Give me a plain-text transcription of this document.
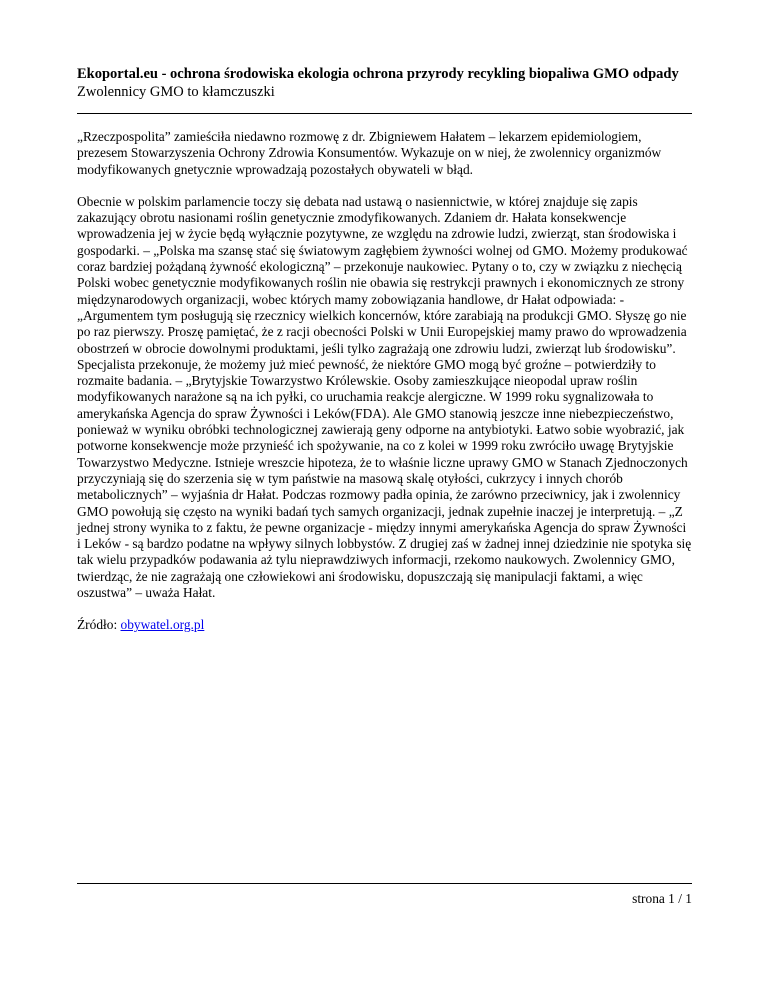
Ekoportal.eu - ochrona środowiska ekologia ochrona przyrody recykling biopaliwa GMO odpady
Zwolennicy GMO to kłamczuszki

„Rzeczpospolita” zamieściła niedawno rozmowę z dr. Zbigniewem Hałatem – lekarzem epidemiologiem, prezesem Stowarzyszenia Ochrony Zdrowia Konsumentów. Wykazuje on w niej, że zwolennicy organizmów modyfikowanych gnetycznie wprowadzają pozostałych obywateli w błąd.

Obecnie w polskim parlamencie toczy się debata nad ustawą o nasiennictwie, w której znajduje się zapis zakazujący obrotu nasionami roślin genetycznie zmodyfikowanych. Zdaniem dr. Hałata konsekwencje wprowadzenia jej w życie będą wyłącznie pozytywne, ze względu na zdrowie ludzi, zwierząt, stan środowiska i gospodarki. – „Polska ma szansę stać się światowym zagłębiem żywności wolnej od GMO. Możemy produkować coraz bardziej pożądaną żywność ekologiczną” – przekonuje naukowiec. Pytany o to, czy w związku z niechęcią Polski wobec genetycznie modyfikowanych roślin nie obawia się restrykcji prawnych i ekonomicznych ze strony międzynarodowych organizacji, wobec których mamy zobowiązania handlowe, dr Hałat odpowiada: - „Argumentem tym posługują się rzecznicy wielkich koncernów, które zarabiają na produkcji GMO. Słyszę go nie po raz pierwszy. Proszę pamiętać, że z racji obecności Polski w Unii Europejskiej mamy prawo do wprowadzenia obostrzeń w obrocie dowolnymi produktami, jeśli tylko zagrażają one zdrowiu ludzi, zwierząt lub środowisku”. Specjalista przekonuje, że możemy już mieć pewność, że niektóre GMO mogą być groźne – potwierdziły to rozmaite badania. – „Brytyjskie Towarzystwo Królewskie. Osoby zamieszkujące nieopodal upraw roślin modyfikowanych narażone są na ich pyłki, co uruchamia reakcje alergiczne. W 1999 roku sygnalizowała to amerykańska Agencja do spraw Żywności i Leków(FDA). Ale GMO stanowią jeszcze inne niebezpieczeństwo, ponieważ w wyniku obróbki technologicznej zawierają geny odporne na antybiotyki. Łatwo sobie wyobrazić, jak potworne konsekwencje może przynieść ich spożywanie, na co z kolei w 1999 roku zwróciło uwagę Brytyjskie Towarzystwo Medyczne. Istnieje wreszcie hipoteza, że to właśnie liczne uprawy GMO w Stanach Zjednoczonych przyczyniają się do szerzenia się w tym państwie na masową skalę otyłości, cukrzycy i innych chorób metabolicznych” – wyjaśnia dr Hałat. Podczas rozmowy padła opinia, że zarówno przeciwnicy, jak i zwolennicy GMO powołują się często na wyniki badań tych samych organizacji, jednak zupełnie inaczej je interpretują. – „Z jednej strony wynika to z faktu, że pewne organizacje - między innymi amerykańska Agencja do spraw Żywności i Leków - są bardzo podatne na wpływy silnych lobbystów. Z drugiej zaś w żadnej innej dziedzinie nie spotyka się tak wielu przypadków podawania aż tylu nieprawdziwych informacji, rzekomo naukowych. Zwolennicy GMO, twierdząc, że nie zagrażają one człowiekowi ani środowisku, dopuszczają się manipulacji faktami, a więc oszustwa” – uważa Hałat.

Źródło: obywatel.org.pl

strona 1 / 1
